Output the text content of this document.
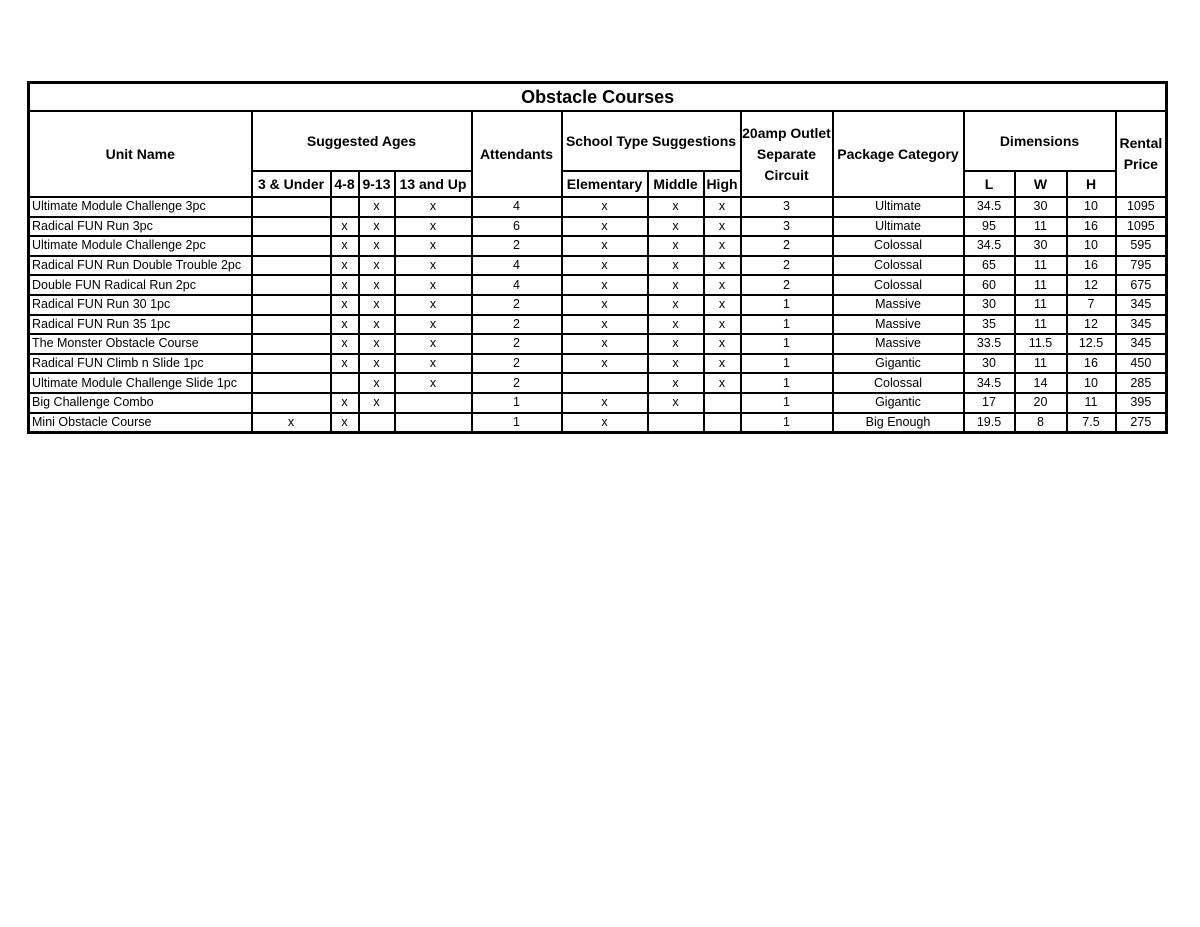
Obstacle Courses														
Unit Name	Suggested Ages				Attendants	School Type Suggestions			20amp Outlet Separate Circuit	Package Category	Dimensions			Rental Price
	3 & Under	4-8	9-13	13 and Up		Elementary	Middle	High			L	W	H	
Ultimate Module Challenge 3pc			x	x	4	x	x	x	3	Ultimate	34.5	30	10	1095
Radical FUN Run 3pc		x	x	x	6	x	x	x	3	Ultimate	95	11	16	1095
Ultimate Module Challenge 2pc		x	x	x	2	x	x	x	2	Colossal	34.5	30	10	595
Radical FUN Run Double Trouble 2pc		x	x	x	4	x	x	x	2	Colossal	65	11	16	795
Double FUN Radical Run 2pc		x	x	x	4	x	x	x	2	Colossal	60	11	12	675
Radical FUN Run 30 1pc		x	x	x	2	x	x	x	1	Massive	30	11	7	345
Radical FUN Run 35 1pc		x	x	x	2	x	x	x	1	Massive	35	11	12	345
The Monster Obstacle Course		x	x	x	2	x	x	x	1	Massive	33.5	11.5	12.5	345
Radical FUN Climb n Slide 1pc		x	x	x	2	x	x	x	1	Gigantic	30	11	16	450
Ultimate Module Challenge Slide 1pc			x	x	2		x	x	1	Colossal	34.5	14	10	285
Big Challenge Combo		x	x		1	x	x		1	Gigantic	17	20	11	395
Mini Obstacle Course	x	x			1	x			1	Big Enough	19.5	8	7.5	275
